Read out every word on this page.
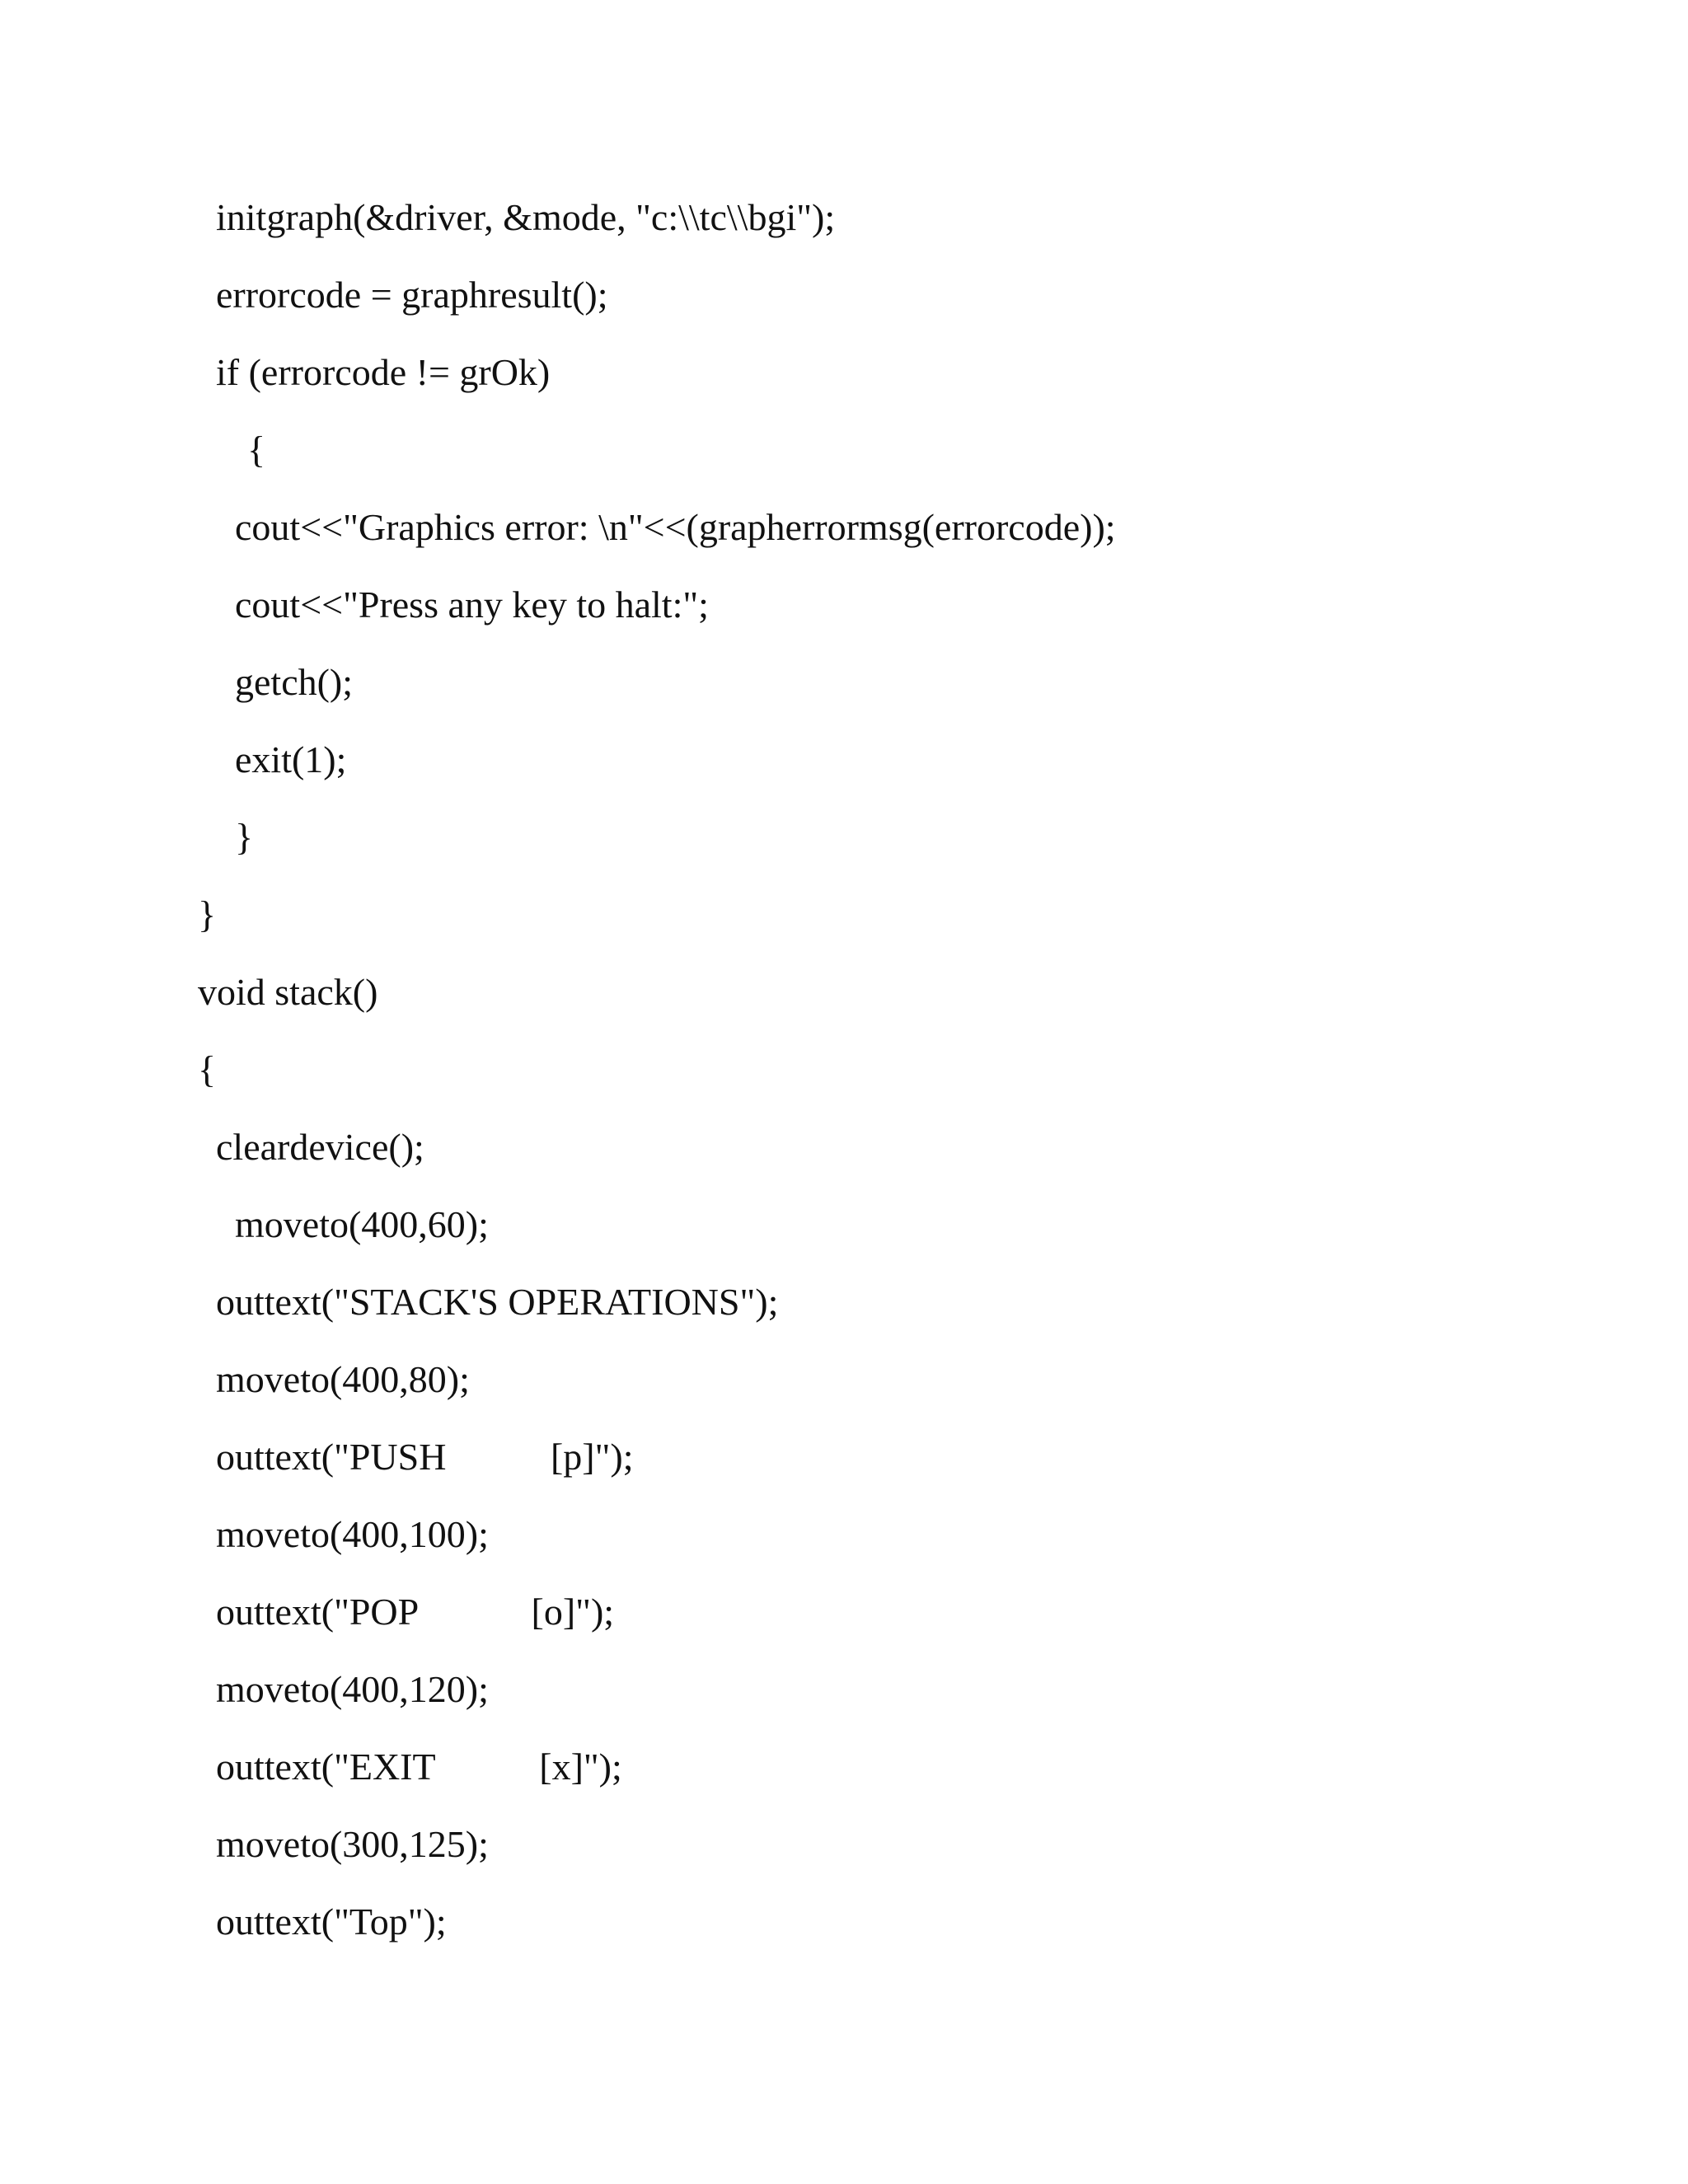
initgraph(&driver, &mode, "c:\\tc\\bgi");
errorcode = graphresult();
if (errorcode != grOk)
{
cout<<"Graphics error: \n"<<(grapherrormsg(errorcode));
cout<<"Press any key to halt:";
getch();
exit(1);
}
}
void stack()
{
cleardevice();
moveto(400,60);
outtext("STACK'S OPERATIONS");
moveto(400,80);
outtext("PUSH           [p]");
moveto(400,100);
outtext("POP            [o]");
moveto(400,120);
outtext("EXIT           [x]");
moveto(300,125);
outtext("Top");
